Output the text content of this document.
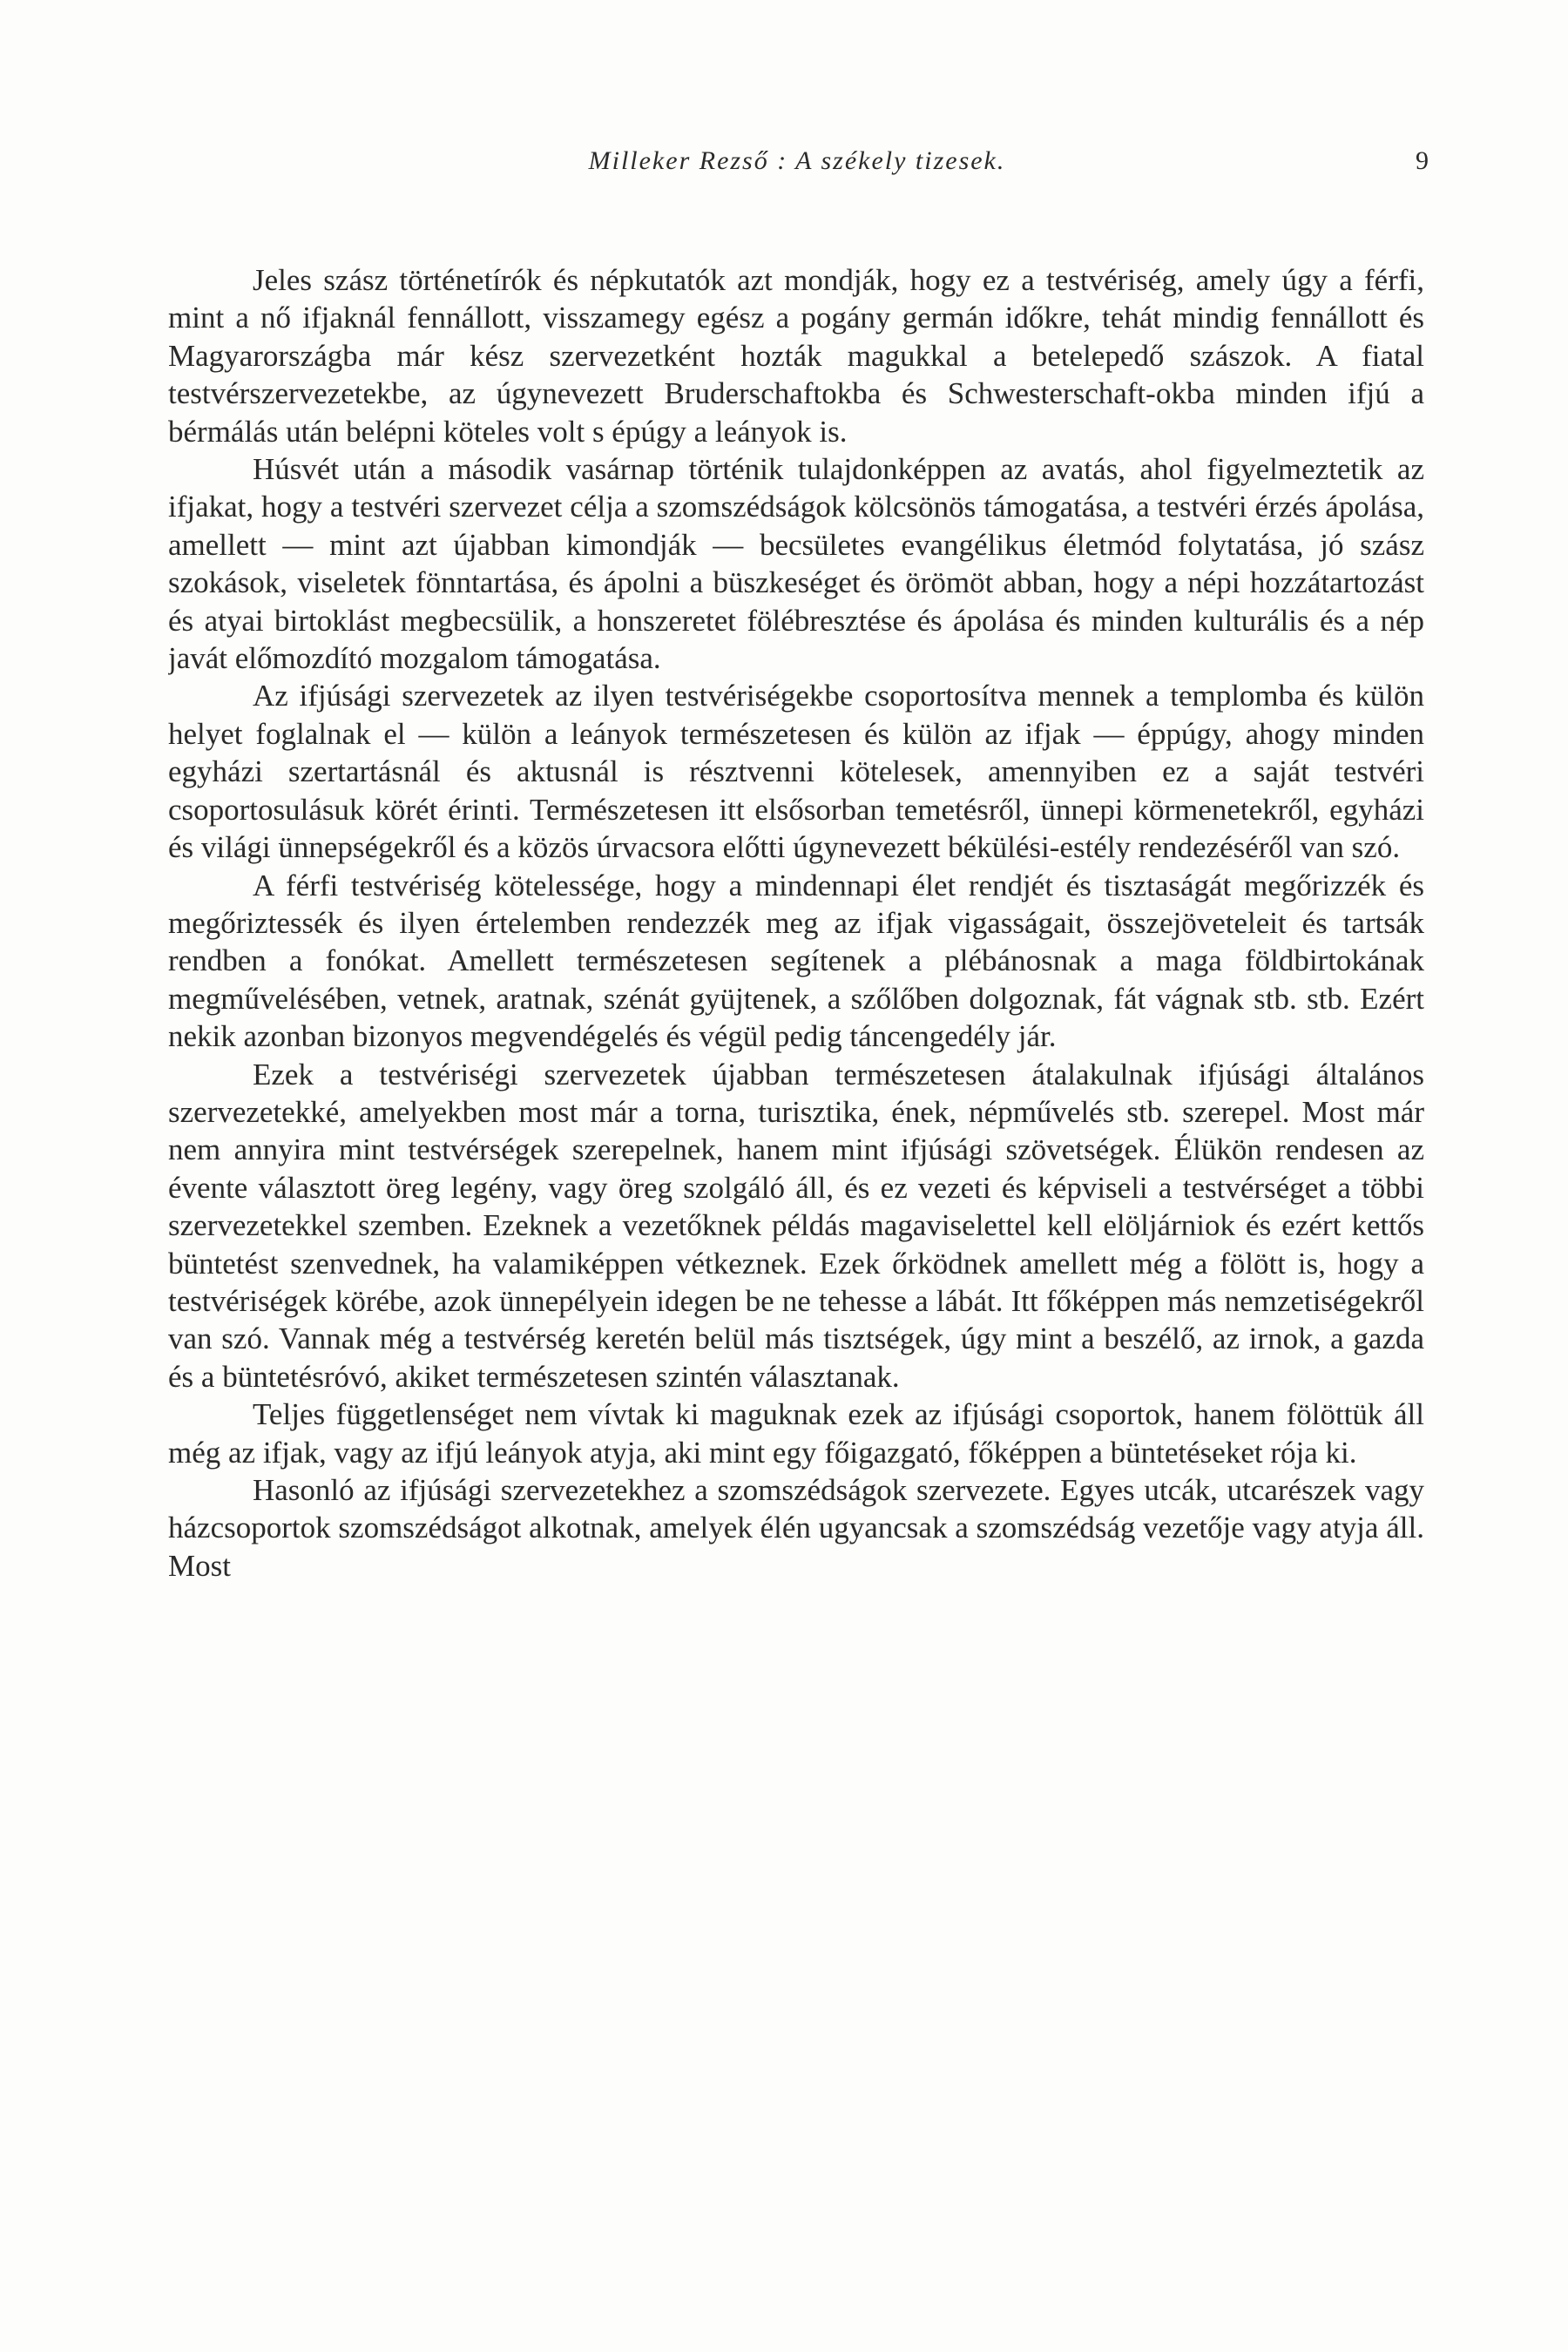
Milleker Rezső : A székely tizesek.	9

Jeles szász történetírók és népkutatók azt mondják, hogy ez a testvériség, amely úgy a férfi, mint a nő ifjaknál fennállott, visszamegy egész a pogány germán időkre, tehát mindig fennállott és Magyarországba már kész szervezetként hozták magukkal a betelepedő szászok. A fiatal testvérszervezetekbe, az úgynevezett Bruderschaftokba és Schwesterschaft-okba minden ifjú a bérmálás után belépni köteles volt s épúgy a leányok is.

Húsvét után a második vasárnap történik tulajdonképpen az avatás, ahol figyelmeztetik az ifjakat, hogy a testvéri szervezet célja a szomszédságok kölcsönös támogatása, a testvéri érzés ápolása, amellett — mint azt újabban kimondják — becsületes evangélikus életmód folytatása, jó szász szokások, viseletek fönntartása, és ápolni a büszkeséget és örömöt abban, hogy a népi hozzátartozást és atyai birtoklást megbecsülik, a honszeretet fölébresztése és ápolása és minden kulturális és a nép javát előmozdító mozgalom támogatása.

Az ifjúsági szervezetek az ilyen testvériségekbe csoportosítva mennek a templomba és külön helyet foglalnak el — külön a leányok természetesen és külön az ifjak — éppúgy, ahogy minden egyházi szertartásnál és aktusnál is résztvenni kötelesek, amennyiben ez a saját testvéri csoportosulásuk körét érinti. Természetesen itt elsősorban temetésről, ünnepi körmenetekről, egyházi és világi ünnepségekről és a közös úrvacsora előtti úgynevezett békülési-estély rendezéséről van szó.

A férfi testvériség kötelessége, hogy a mindennapi élet rendjét és tisztaságát megőrizzék és megőriztessék és ilyen értelemben rendezzék meg az ifjak vigasságait, összejöveteleit és tartsák rendben a fonókat. Amellett természetesen segítenek a plébánosnak a maga földbirtokának megművelésében, vetnek, aratnak, szénát gyüjtenek, a szőlőben dolgoznak, fát vágnak stb. stb. Ezért nekik azonban bizonyos megvendégelés és végül pedig táncengedély jár.

Ezek a testvériségi szervezetek újabban természetesen átalakulnak ifjúsági általános szervezetekké, amelyekben most már a torna, turisztika, ének, népművelés stb. szerepel. Most már nem annyira mint testvérségek szerepelnek, hanem mint ifjúsági szövetségek. Élükön rendesen az évente választott öreg legény, vagy öreg szolgáló áll, és ez vezeti és képviseli a testvérséget a többi szervezetekkel szemben. Ezeknek a vezetőknek példás magaviselettel kell elöljárniok és ezért kettős büntetést szenvednek, ha valamiképpen vétkeznek. Ezek őrködnek amellett még a fölött is, hogy a testvériségek körébe, azok ünnepélyein idegen be ne tehesse a lábát. Itt főképpen más nemzetiségekről van szó. Vannak még a testvérség keretén belül más tisztségek, úgy mint a beszélő, az irnok, a gazda és a büntetésróvó, akiket természetesen szintén választanak.

Teljes függetlenséget nem vívtak ki maguknak ezek az ifjúsági csoportok, hanem fölöttük áll még az ifjak, vagy az ifjú leányok atyja, aki mint egy főigazgató, főképpen a büntetéseket rója ki.

Hasonló az ifjúsági szervezetekhez a szomszédságok szervezete. Egyes utcák, utcarészek vagy házcsoportok szomszédságot alkotnak, amelyek élén ugyancsak a szomszédság vezetője vagy atyja áll. Most
